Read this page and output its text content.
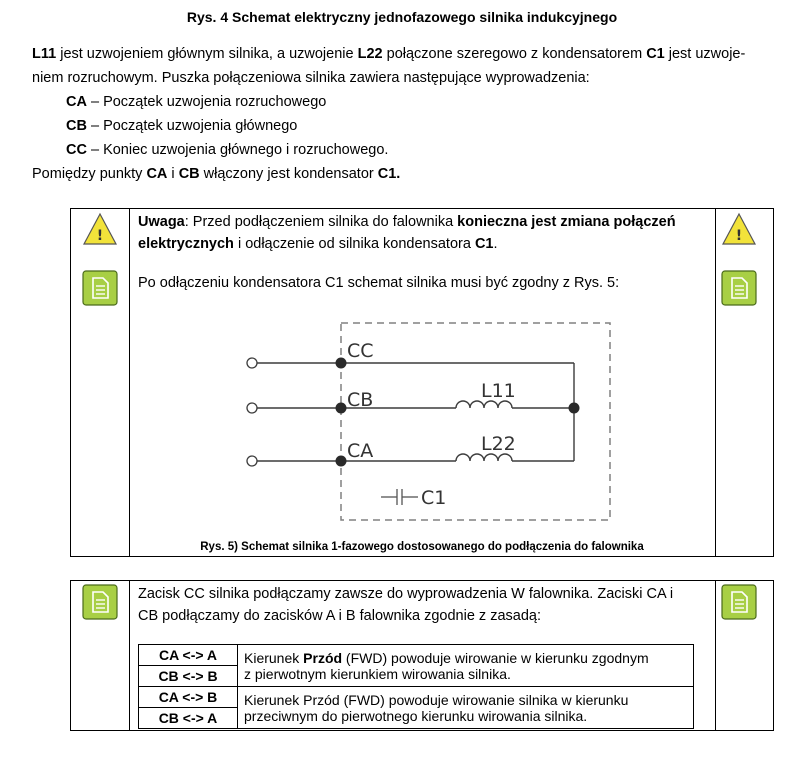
Rys. 4 Schemat elektryczny jednofazowego silnika indukcyjnego
L11 jest uzwojeniem głównym silnika, a uzwojenie L22 połączone szeregowo z kondensatorem C1 jest uzwoje-
niem rozruchowym. Puszka połączeniowa silnika zawiera następujące wyprowadzenia:
CA – Początek uzwojenia rozruchowego
CB – Początek uzwojenia głównego
CC – Koniec uzwojenia głównego i rozruchowego.
Pomiędzy punkty CA i CB włączony jest kondensator C1.
!	!
Uwaga: Przed podłączeniem silnika do falownika konieczna jest zmiana połączeń
elektrycznych i odłączenie od silnika kondensatora C1.
Po odłączeniu kondensatora C1 schemat silnika musi być zgodny z Rys. 5:
CC
CB
CA
L11
L22
C1
Rys. 5) Schemat silnika 1-fazowego dostosowanego do podłączenia do falownika
Zacisk CC silnika podłączamy zawsze do wyprowadzenia W falownika. Zaciski CA i
CB podłączamy do zacisków A i B falownika zgodnie z zasadą:
CA <-> A	Kierunek Przód (FWD) powoduje wirowanie w kierunku zgodnym
z pierwotnym kierunkiem wirowania silnika.
CB <-> B	
CA <-> B	Kierunek Przód (FWD) powoduje wirowanie silnika w kierunku
przeciwnym do pierwotnego kierunku wirowania silnika.
CB <-> A	
